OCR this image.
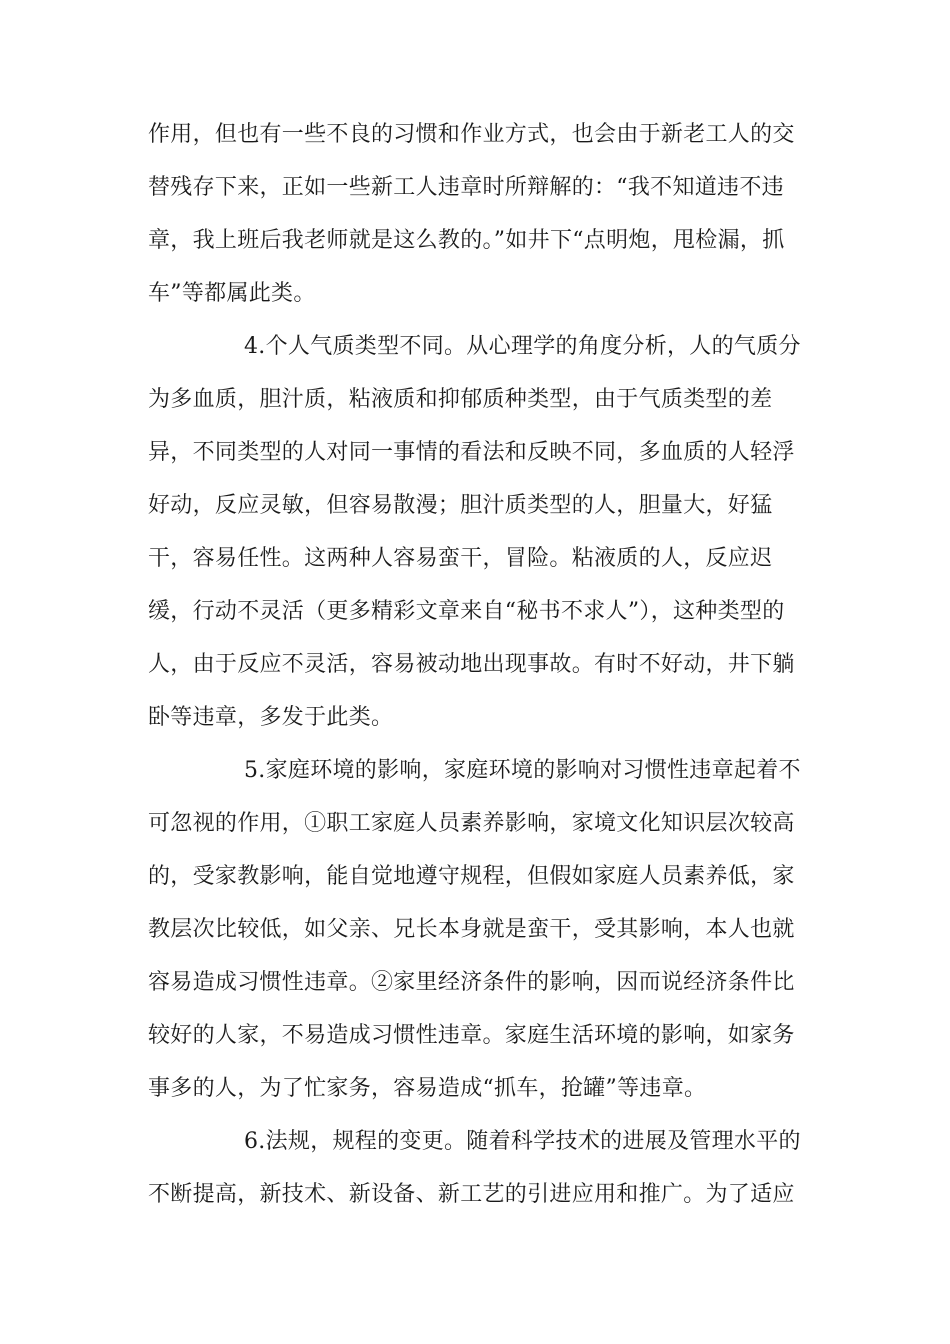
作用，但也有一些不良的习惯和作业方式，也会由于新老工人的交
替残存下来，正如一些新工人违章时所辩解的：“我不知道违不违
章，我上班后我老师就是这么教的。”如井下“点明炮，甩检漏，抓
车”等都属此类。
4.个人气质类型不同。从心理学的角度分析，人的气质分
为多血质，胆汁质，粘液质和抑郁质种类型，由于气质类型的差
异，不同类型的人对同一事情的看法和反映不同，多血质的人轻浮
好动，反应灵敏，但容易散漫；胆汁质类型的人，胆量大，好猛
干，容易任性。这两种人容易蛮干，冒险。粘液质的人，反应迟
缓，行动不灵活（更多精彩文章来自“秘书不求人”），这种类型的
人，由于反应不灵活，容易被动地出现事故。有时不好动，井下躺
卧等违章，多发于此类。
5.家庭环境的影响，家庭环境的影响对习惯性违章起着不
可忽视的作用，①职工家庭人员素养影响，家境文化知识层次较高
的，受家教影响，能自觉地遵守规程，但假如家庭人员素养低，家
教层次比较低，如父亲、兄长本身就是蛮干，受其影响，本人也就
容易造成习惯性违章。②家里经济条件的影响，因而说经济条件比
较好的人家，不易造成习惯性违章。家庭生活环境的影响，如家务
事多的人，为了忙家务，容易造成“抓车，抢罐”等违章。
6.法规，规程的变更。随着科学技术的进展及管理水平的
不断提高，新技术、新设备、新工艺的引进应用和推广。为了适应
